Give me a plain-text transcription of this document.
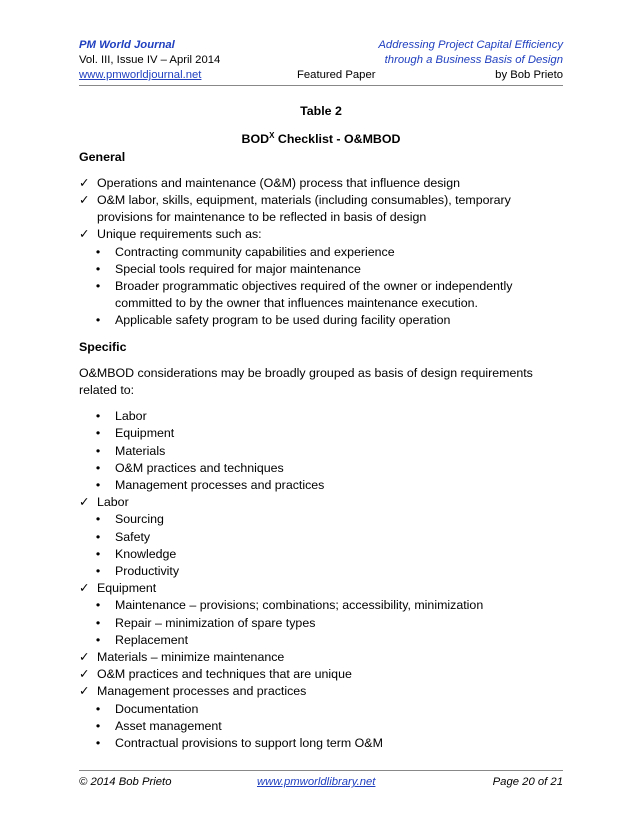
PM World Journal	Addressing Project Capital Efficiency
Vol. III, Issue IV – April 2014	through a Business Basis of Design
www.pmworldjournal.net	Featured Paper	by Bob Prieto
Table 2
$BOD^X$ Checklist - O&MBOD
General
✓ Operations and maintenance (O&M) process that influence design
✓ O&M labor, skills, equipment, materials (including consumables), temporary provisions for maintenance to be reflected in basis of design
✓ Unique requirements such as:
• Contracting community capabilities and experience
• Special tools required for major maintenance
• Broader programmatic objectives required of the owner or independently committed to by the owner that influences maintenance execution.
• Applicable safety program to be used during facility operation
Specific

O&MBOD considerations may be broadly grouped as basis of design requirements related to:

• Labor
• Equipment
• Materials
• O&M practices and techniques
• Management processes and practices
✓ Labor
• Sourcing
• Safety
• Knowledge
• Productivity
✓ Equipment
• Maintenance – provisions; combinations; accessibility, minimization
• Repair – minimization of spare types
• Replacement
✓ Materials – minimize maintenance
✓ O&M practices and techniques that are unique
✓ Management processes and practices
• Documentation
• Asset management
• Contractual provisions to support long term O&M
© 2014 Bob Prieto	www.pmworldlibrary.net	Page 20 of 21
